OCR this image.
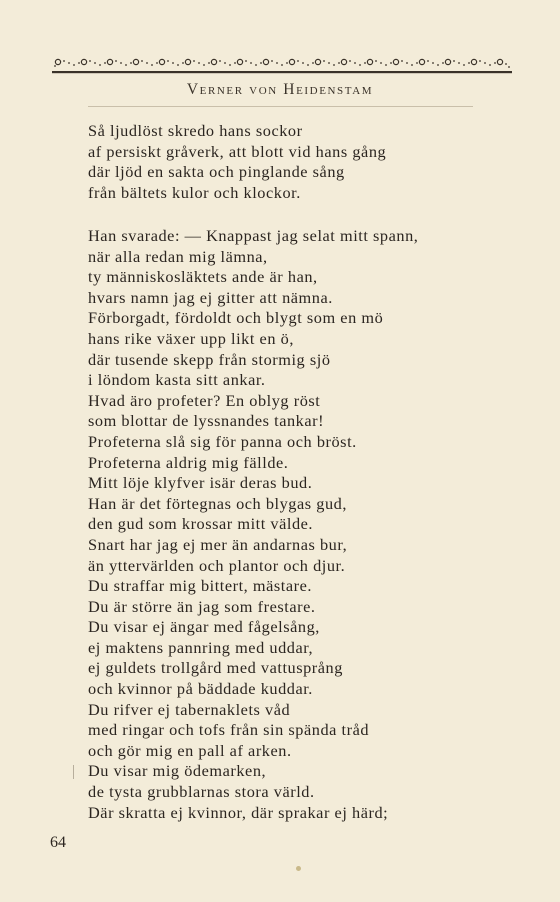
Verner von Heidenstam
Så ljudlöst skredo hans sockor
af persiskt gråverk, att blott vid hans gång
där ljöd en sakta och pinglande sång
från bältets kulor och klockor.
Han svarade: — Knappast jag selat mitt spann,
när alla redan mig lämna,
ty människosläktets ande är han,
hvars namn jag ej gitter att nämna.
Förborgadt, fördoldt och blygt som en mö
hans rike växer upp likt en ö,
där tusende skepp från stormig sjö
i löndom kasta sitt ankar.
Hvad äro profeter? En oblyg röst
som blottar de lyssnandes tankar!
Profeterna slå sig för panna och bröst.
Profeterna aldrig mig fällde.
Mitt löje klyfver isär deras bud.
Han är det förtegnas och blygas gud,
den gud som krossar mitt välde.
Snart har jag ej mer än andarnas bur,
än yttervärlden och plantor och djur.
Du straffar mig bittert, mästare.
Du är större än jag som frestare.
Du visar ej ängar med fågelsång,
ej maktens pannring med uddar,
ej guldets trollgård med vattusprång
och kvinnor på bäddade kuddar.
Du rifver ej tabernaklets våd
med ringar och tofs från sin spända tråd
och gör mig en pall af arken.
Du visar mig ödemarken,
de tysta grubblarnas stora värld.
Där skratta ej kvinnor, där sprakar ej härd;
64
